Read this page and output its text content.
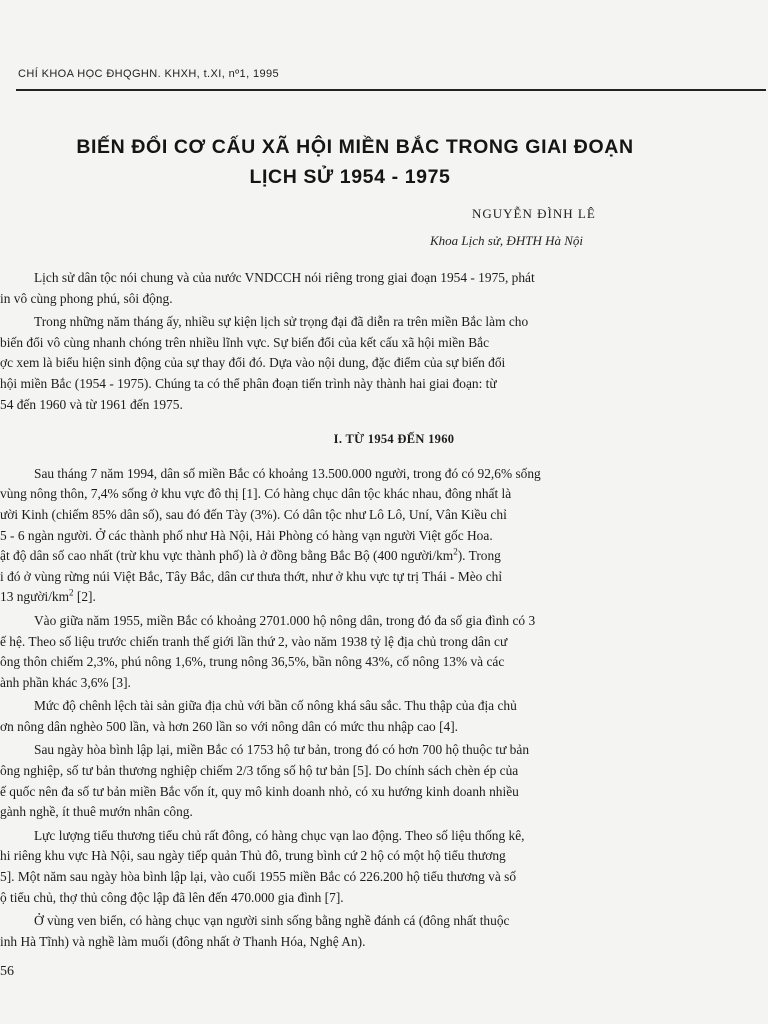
CHÍ KHOA HỌC ĐHQGHN. KHXH, t.XI, nº1, 1995
BIẾN ĐỔI CƠ CẤU XÃ HỘI MIỀN BẮC TRONG GIAI ĐOẠN
LỊCH SỬ 1954 - 1975
NGUYỄN ĐÌNH LÊ
Khoa Lịch sử, ĐHTH Hà Nội
Lịch sử dân tộc nói chung và của nước VNDCCH nói riêng trong giai đoạn 1954 - 1975, phát
in vô cùng phong phú, sôi động.
Trong những năm tháng ấy, nhiều sự kiện lịch sử trọng đại đã diễn ra trên miền Bắc làm cho
biến đổi vô cùng nhanh chóng trên nhiều lĩnh vực. Sự biến đổi của kết cấu xã hội miền Bắc
ợc xem là biểu hiện sinh động của sự thay đổi đó. Dựa vào nội dung, đặc điểm của sự biến đổi
hội miền Bắc (1954 - 1975). Chúng ta có thể phân đoạn tiến trình này thành hai giai đoạn: từ
54 đến 1960 và từ 1961 đến 1975.
I. TỪ 1954 ĐẾN 1960
Sau tháng 7 năm 1994, dân số miền Bắc có khoảng 13.500.000 người, trong đó có 92,6% sống
vùng nông thôn, 7,4% sống ở khu vực đô thị [1]. Có hàng chục dân tộc khác nhau, đông nhất là
ười Kinh (chiếm 85% dân số), sau đó đến Tày (3%). Có dân tộc như Lô Lô, Uní, Vân Kiều chỉ
5 - 6 ngàn người. Ở các thành phố như Hà Nội, Hải Phòng có hàng vạn người Việt gốc Hoa.
ật độ dân số cao nhất (trừ khu vực thành phố) là ở đồng bằng Bắc Bộ (400 người/$km^2$). Trong
i đó ở vùng rừng núi Việt Bắc, Tây Bắc, dân cư thưa thớt, như ở khu vực tự trị Thái - Mèo chỉ
13 người/$km^2$ [2].
Vào giữa năm 1955, miền Bắc có khoảng 2701.000 hộ nông dân, trong đó đa số gia đình có 3
ế hệ. Theo số liệu trước chiến tranh thế giới lần thứ 2, vào năm 1938 tỷ lệ địa chủ trong dân cư
ông thôn chiếm 2,3%, phú nông 1,6%, trung nông 36,5%, bần nông 43%, cố nông 13% và các
ành phần khác 3,6% [3].
Mức độ chênh lệch tài sản giữa địa chủ với bần cố nông khá sâu sắc. Thu thập của địa chủ
ơn nông dân nghèo 500 lần, và hơn 260 lần so với nông dân có mức thu nhập cao [4].
Sau ngày hòa bình lập lại, miền Bắc có 1753 hộ tư bản, trong đó có hơn 700 hộ thuộc tư bản
ông nghiệp, số tư bản thương nghiệp chiếm 2/3 tổng số hộ tư bản [5]. Do chính sách chèn ép của
ế quốc nên đa số tư bản miền Bắc vốn ít, quy mô kinh doanh nhỏ, có xu hướng kinh doanh nhiều
gành nghề, ít thuê mướn nhân công.
Lực lượng tiểu thương tiểu chủ rất đông, có hàng chục vạn lao động. Theo số liệu thống kê,
hi riêng khu vực Hà Nội, sau ngày tiếp quản Thủ đô, trung bình cứ 2 hộ có một hộ tiểu thương
5]. Một năm sau ngày hòa bình lập lại, vào cuối 1955 miền Bắc có 226.200 hộ tiểu thương và số
ộ tiểu chủ, thợ thủ công độc lập đã lên đến 470.000 gia đình [7].
Ở vùng ven biển, có hàng chục vạn người sinh sống bằng nghề đánh cá (đông nhất thuộc
inh Hà Tĩnh) và nghề làm muối (đông nhất ở Thanh Hóa, Nghệ An).
56
